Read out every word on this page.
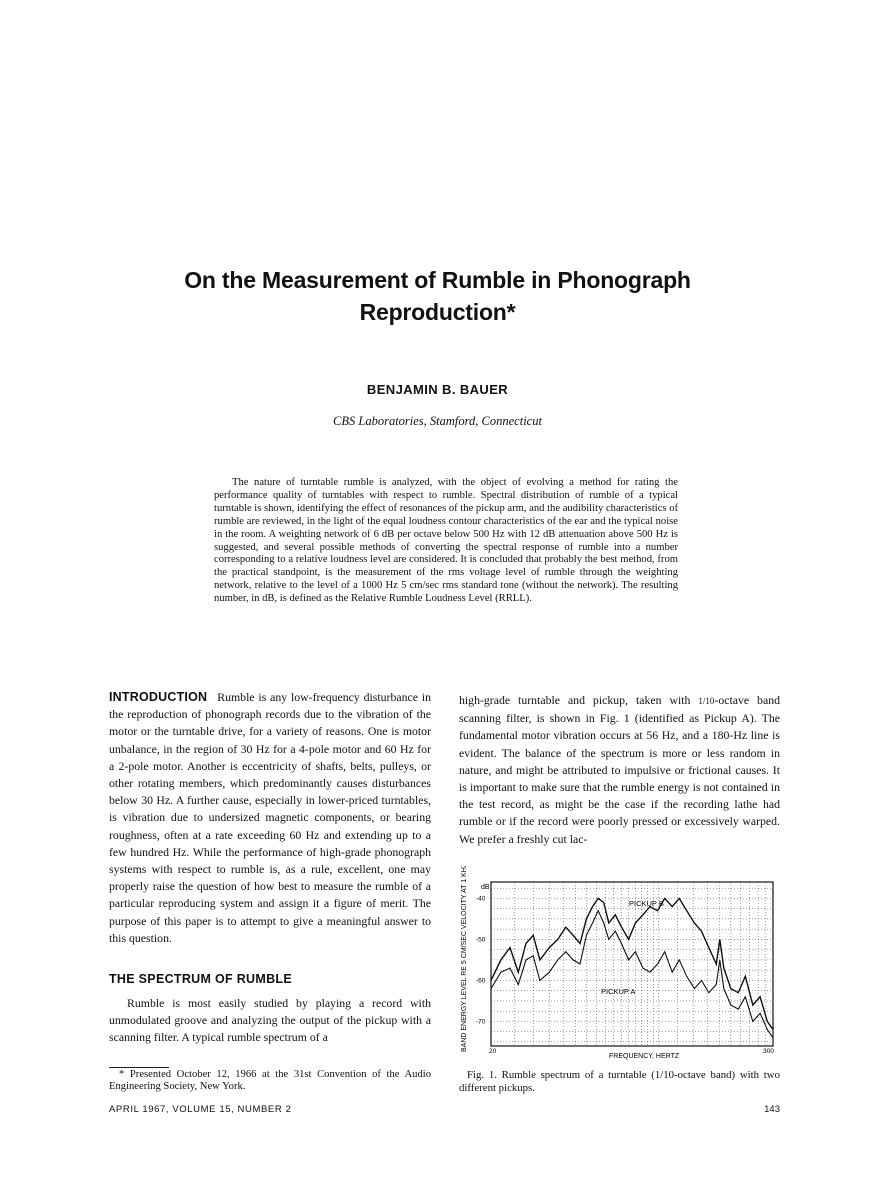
On the Measurement of Rumble in Phonograph Reproduction*
BENJAMIN B. BAUER
CBS Laboratories, Stamford, Connecticut
The nature of turntable rumble is analyzed, with the object of evolving a method for rating the performance quality of turntables with respect to rumble. Spectral distribution of rumble of a typical turntable is shown, identifying the effect of resonances of the pickup arm, and the audibility characteristics of rumble are reviewed, in the light of the equal loudness contour characteristics of the ear and the typical noise in the room. A weighting network of 6 dB per octave below 500 Hz with 12 dB attenuation above 500 Hz is suggested, and several possible methods of converting the spectral response of rumble into a number corresponding to a relative loudness level are considered. It is concluded that probably the best method, from the practical standpoint, is the measurement of the rms voltage level of rumble through the weighting network, relative to the level of a 1000 Hz 5 cm/sec rms standard tone (without the network). The resulting number, in dB, is defined as the Relative Rumble Loudness Level (RRLL).

INTRODUCTION Rumble is any low-frequency disturbance in the reproduction of phonograph records due to the vibration of the motor or the turntable drive, for a variety of reasons. One is motor unbalance, in the region of 30 Hz for a 4-pole motor and 60 Hz for a 2-pole motor. Another is eccentricity of shafts, belts, pulleys, or other rotating members, which predominantly causes disturbances below 30 Hz. A further cause, especially in lower-priced turntables, is vibration due to undersized magnetic components, or bearing roughness, often at a rate exceeding 60 Hz and extending up to a few hundred Hz. While the performance of high-grade phonograph systems with respect to rumble is, as a rule, excellent, one may properly raise the question of how best to measure the rumble of a particular reproducing system and assign it a figure of merit. The purpose of this paper is to attempt to give a meaningful answer to this question.

THE SPECTRUM OF RUMBLE
Rumble is most easily studied by playing a record with unmodulated groove and analyzing the output of the pickup with a scanning filter. A typical rumble spectrum of a

high-grade turntable and pickup, taken with 1/10-octave band scanning filter, is shown in Fig. 1 (identified as Pickup A). The fundamental motor vibration occurs at 56 Hz, and a 180-Hz line is evident. The balance of the spectrum is more or less random in nature, and might be attributed to impulsive or frictional causes. It is important to make sure that the rumble energy is not contained in the test record, as might be the case if the recording lathe had rumble or if the record were poorly pressed or excessively warped. We prefer a freshly cut lac-

* Presented October 12, 1966 at the 31st Convention of the Audio Engineering Society, New York.
BAND ENERGY LEVEL RE 5 CM/SEC VELOCITY AT 1 KHZ dB
FREQUENCY, HERTZ
-40
-50
-60
-70
20	300
PICKUP B
PICKUP A
Fig. 1. Rumble spectrum of a turntable (1/10-octave band) with two different pickups.
APRIL 1967, VOLUME 15, NUMBER 2	143
